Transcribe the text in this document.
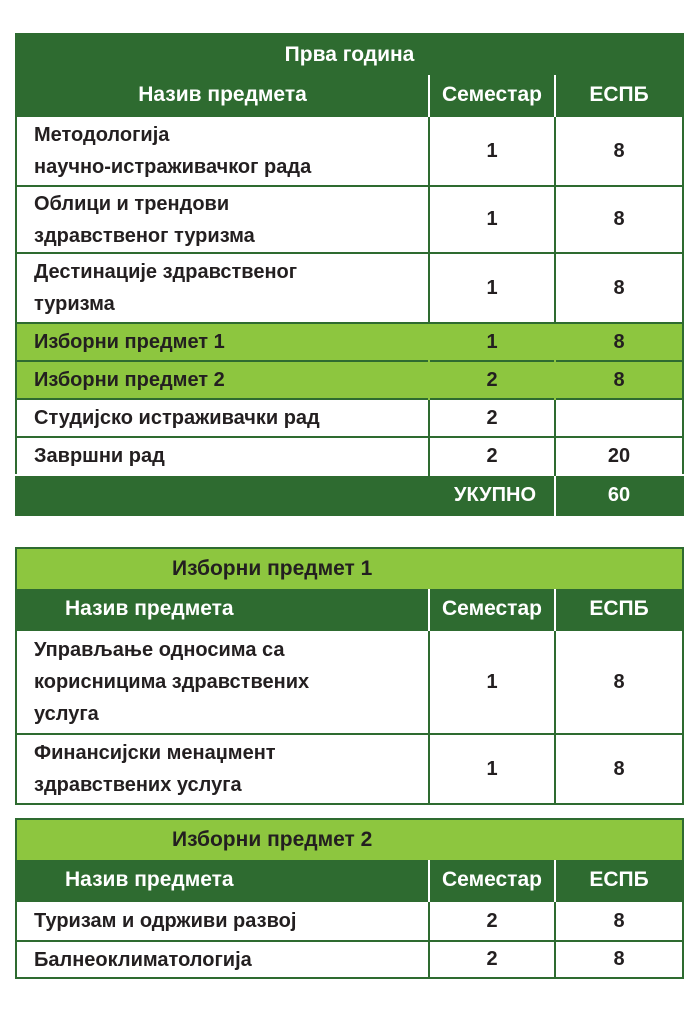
Прва година		
Назив предмета	Семестар	ЕСПБ
Методологија
научно-истраживачког рада	1	8
Облици и трендови
здравственог туризма	1	8
Дестинације здравственог
туризма	1	8
Изборни предмет 1	1	8
Изборни предмет 2	2	8
Студијско истраживачки рад	2	
Завршни рад	2	20
УКУПНО		60
Изборни предмет 1		
Назив предмета	Семестар	ЕСПБ
Управљање односима са
корисницима здравствених
услуга	1	8
Финансијски менаџмент
здравствених услуга	1	8
Изборни предмет 2		
Назив предмета	Семестар	ЕСПБ
Туризам и одрживи развој	2	8
Балнеоклиматологија	2	8
